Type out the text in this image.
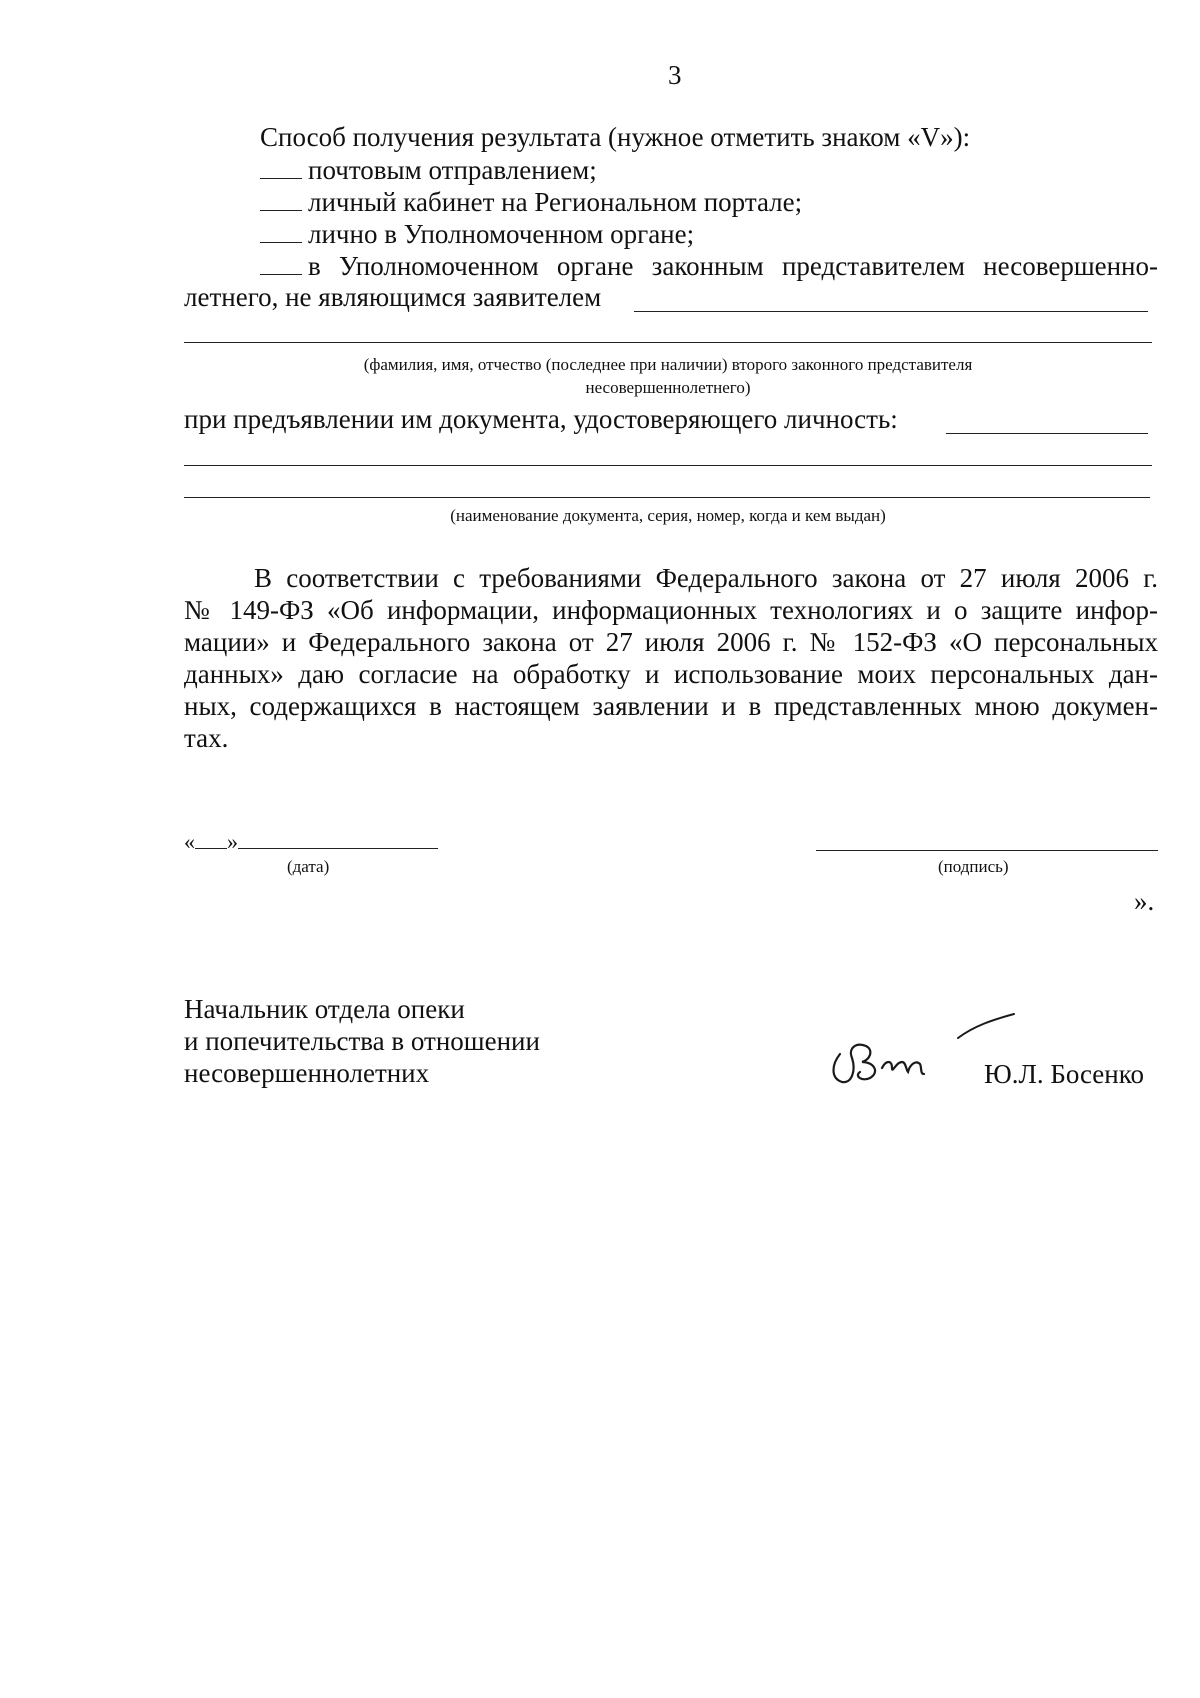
3
Способ получения результата (нужное отметить знаком «V»):
почтовым отправлением;
личный кабинет на Региональном портале;
лично в Уполномоченном органе;
в Уполномоченном органе законным представителем несовершенно-
летнего, не являющимся заявителем
(фамилия, имя, отчество (последнее при наличии) второго законного представителя
несовершеннолетнего)
при предъявлении им документа, удостоверяющего личность:
(наименование документа, серия, номер, когда и кем выдан)
В соответствии с требованиями Федерального закона от 27 июля 2006 г.
№ 149-ФЗ «Об информации, информационных технологиях и о защите инфор-
мации» и Федерального закона от 27 июля 2006 г. № 152-ФЗ «О персональных
данных» даю согласие на обработку и использование моих персональных дан-
ных, содержащихся в настоящем заявлении и в представленных мною докумен-
тах.
« »
(дата)	(подпись)
».
Начальник отдела опеки
и попечительства в отношении
несовершеннолетних	Ю.Л. Босенко
